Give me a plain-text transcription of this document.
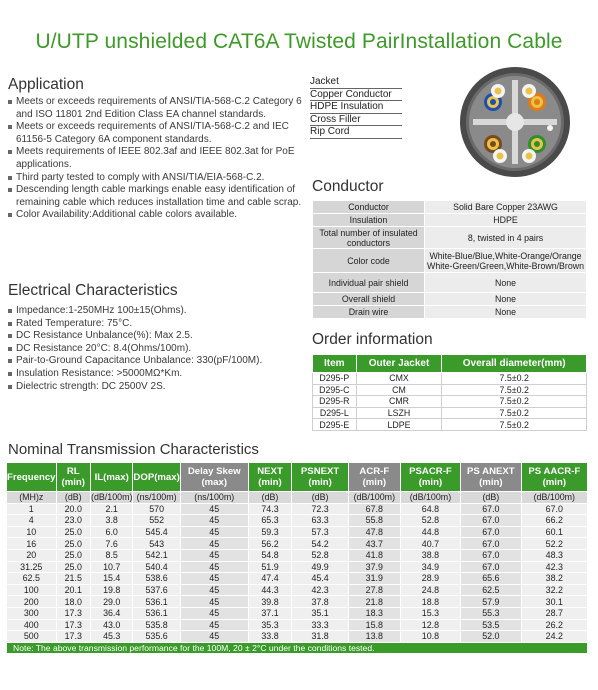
U/UTP unshielded CAT6A Twisted PairInstallation Cable
Application
Meets or exceeds requirements of ANSI/TIA-568-C.2 Category 6 and ISO 11801 2nd Edition Class EA channel standards.
Meets or exceeds requirements of ANSI/TIA-568-C.2 and IEC 61156-5 Category 6A component standards.
Meets requirements of IEEE 802.3af and IEEE 802.3at for PoE applications.
Third party tested to comply with ANSI/TIA/EIA-568-C.2.
Descending length cable markings enable easy identification of remaining cable which reduces installation time and cable scrap.
Color Availability:Additional cable colors available.
Electrical Characteristics
Impedance:1-250MHz 100±15(Ohms).
Rated Temperature: 75°C.
DC Resistance Unbalance(%): Max 2.5.
DC Resistance 20°C: 8.4(Ohms/100m).
Pair-to-Ground Capacitance Unbalance: 330(pF/100M).
Insulation Resistance: >5000MΩ*Km.
Dielectric strength: DC 2500V 2S.
Jacket
Copper Conductor
HDPE Insulation
Cross Filler
Rip Cord
Conductor
Conductor	Solid Bare Copper 23AWG
Insulation	HDPE
Total number of insulated conductors	8, twisted in 4 pairs
Color code	White-Blue/Blue,White-Orange/Orange White-Green/Green,White-Brown/Brown
Individual pair shield	None
Overall shield	None
Drain wire	None
Order information
Item	Outer Jacket	Overall diameter(mm)
D295-P	CMX	7.5±0.2
D295-C	CM	7.5±0.2
D295-R	CMR	7.5±0.2
D295-L	LSZH	7.5±0.2
D295-E	LDPE	7.5±0.2
Nominal Transmission Characteristics
Frequency	RL (min)	IL(max)	DOP(max)	Delay Skew (max)	NEXT (min)	PSNEXT (min)	ACR-F (min)	PSACR-F (min)	PS ANEXT (min)	PS AACR-F (min)
(MH)z	(dB)	(dB/100m)	(ns/100m)	(ns/100m)	(dB)	(dB)	(dB/100m)	(dB/100m)	(dB)	(dB/100m)
1	20.0	2.1	570	45	74.3	72.3	67.8	64.8	67.0	67.0
4	23.0	3.8	552	45	65.3	63.3	55.8	52.8	67.0	66.2
10	25.0	6.0	545.4	45	59.3	57.3	47.8	44.8	67.0	60.1
16	25.0	7.6	543	45	56.2	54.2	43.7	40.7	67.0	52.2
20	25.0	8.5	542.1	45	54.8	52.8	41.8	38.8	67.0	48.3
31.25	25.0	10.7	540.4	45	51.9	49.9	37.9	34.9	67.0	42.3
62.5	21.5	15.4	538.6	45	47.4	45.4	31.9	28.9	65.6	38.2
100	20.1	19.8	537.6	45	44.3	42.3	27.8	24.8	62.5	32.2
200	18.0	29.0	536.1	45	39.8	37.8	21.8	18.8	57.9	30.1
300	17.3	36.4	536.1	45	37.1	35.1	18.3	15.3	55.3	28.7
400	17.3	43.0	535.8	45	35.3	33.3	15.8	12.8	53.5	26.2
500	17.3	45.3	535.6	45	33.8	31.8	13.8	10.8	52.0	24.2
Note: The above transmission performance for the 100M, 20 ± 2°C under the conditions tested.										
